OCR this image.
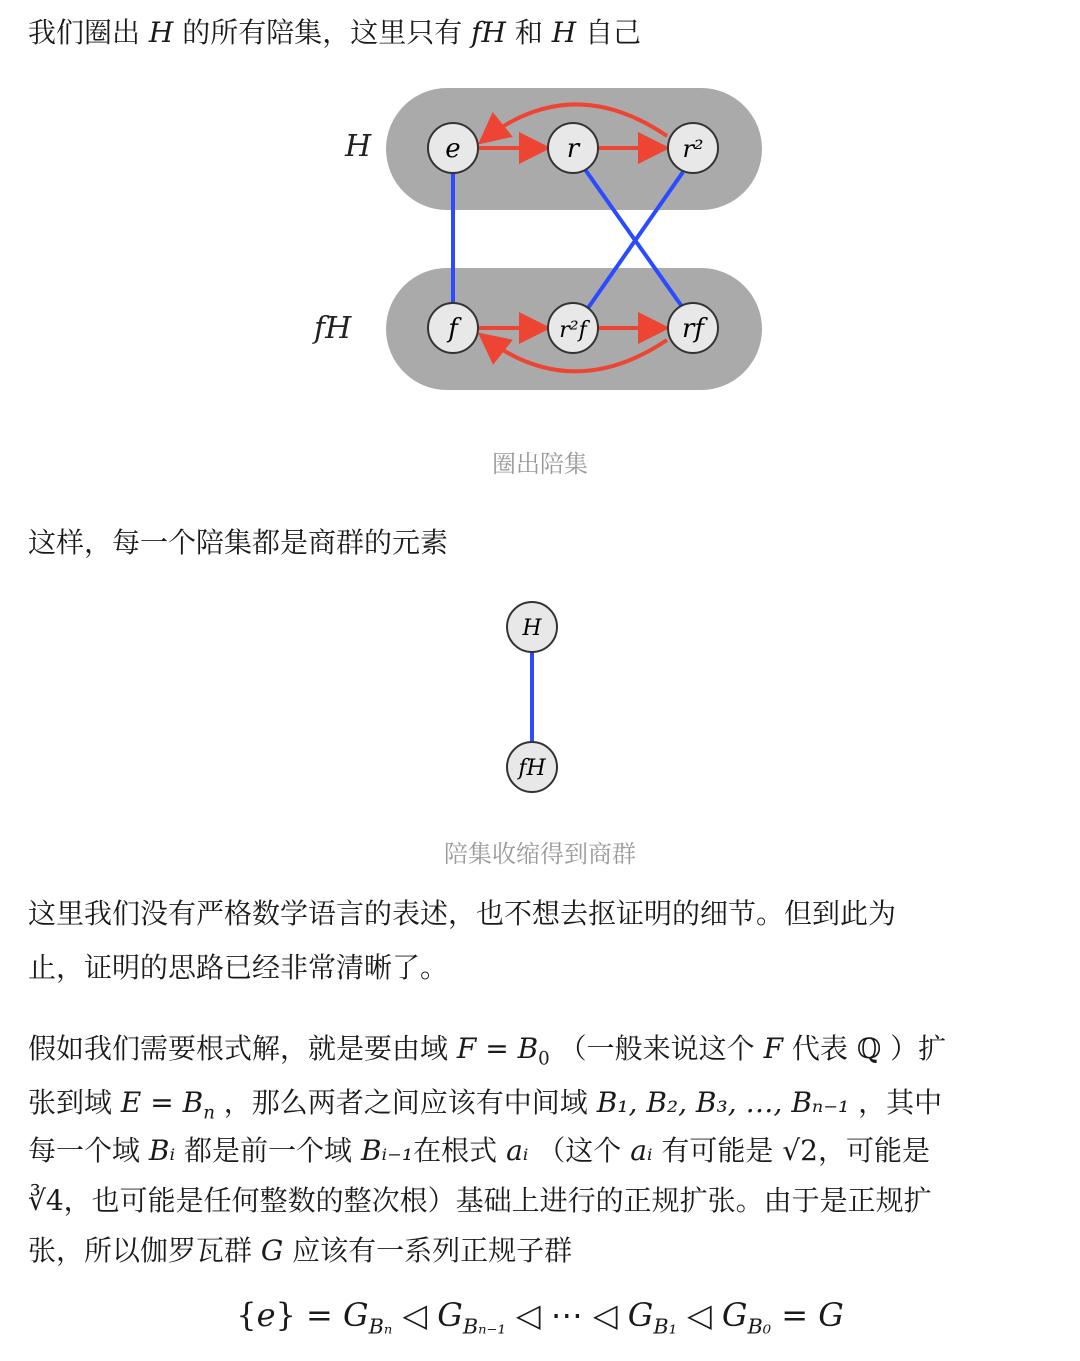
我们圈出 H 的所有陪集，这里只有 fH 和 H 自己
H
fH
e	r	r²
f	r²f	rf
圈出陪集
这样，每一个陪集都是商群的元素
H
fH
陪集收缩得到商群
这里我们没有严格数学语言的表述，也不想去抠证明的细节。但到此为
止，证明的思路已经非常清晰了。
假如我们需要根式解，就是要由域 $F = B_0$ （一般来说这个 F 代表 ℚ ）扩
张到域 $E = B_n$ ，那么两者之间应该有中间域 B₁, B₂, B₃, …, Bₙ₋₁ ，其中
每一个域 Bᵢ 都是前一个域 Bᵢ₋₁在根式 aᵢ （这个 aᵢ 有可能是 √2，可能是
∛4，也可能是任何整数的整次根）基础上进行的正规扩张。由于是正规扩
张，所以伽罗瓦群 G 应该有一系列正规子群
$\{e\} = G_{B_n}$ ◁ $G_{B_{n-1}}$ ◁ ⋯ ◁ $G_{B_1}$ ◁ $G_{B_0} = G$
